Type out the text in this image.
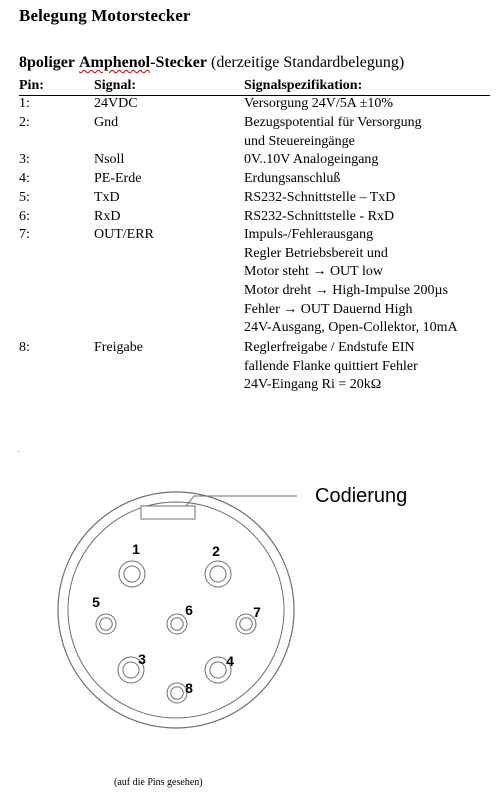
Belegung Motorstecker
8poliger Amphenol-Stecker (derzeitige Standardbelegung)
Pin:	Signal:	Signalspezifikation:
1:	24VDC	Versorgung 24V/5A ±10%
2:	Gnd	Bezugspotential für Versorgung
und Steuereingänge
3:	Nsoll	0V..10V Analogeingang
4:	PE-Erde	Erdungsanschluß
5:	TxD	RS232-Schnittstelle – TxD
6:	RxD	RS232-Schnittstelle - RxD
7:	OUT/ERR	Impuls-/Fehlerausgang
Regler Betriebsbereit und
Motor steht → OUT low
Motor dreht → High-Impulse 200µs
Fehler → OUT Dauernd High
24V-Ausgang, Open-Collektor, 10mA
8:	Freigabe	Reglerfreigabe / Endstufe EIN
fallende Flanke quittiert Fehler
24V-Eingang Ri = 20kΩ
Codierung
1	2
3	4
5	6	7
8
(auf die Pins gesehen)
